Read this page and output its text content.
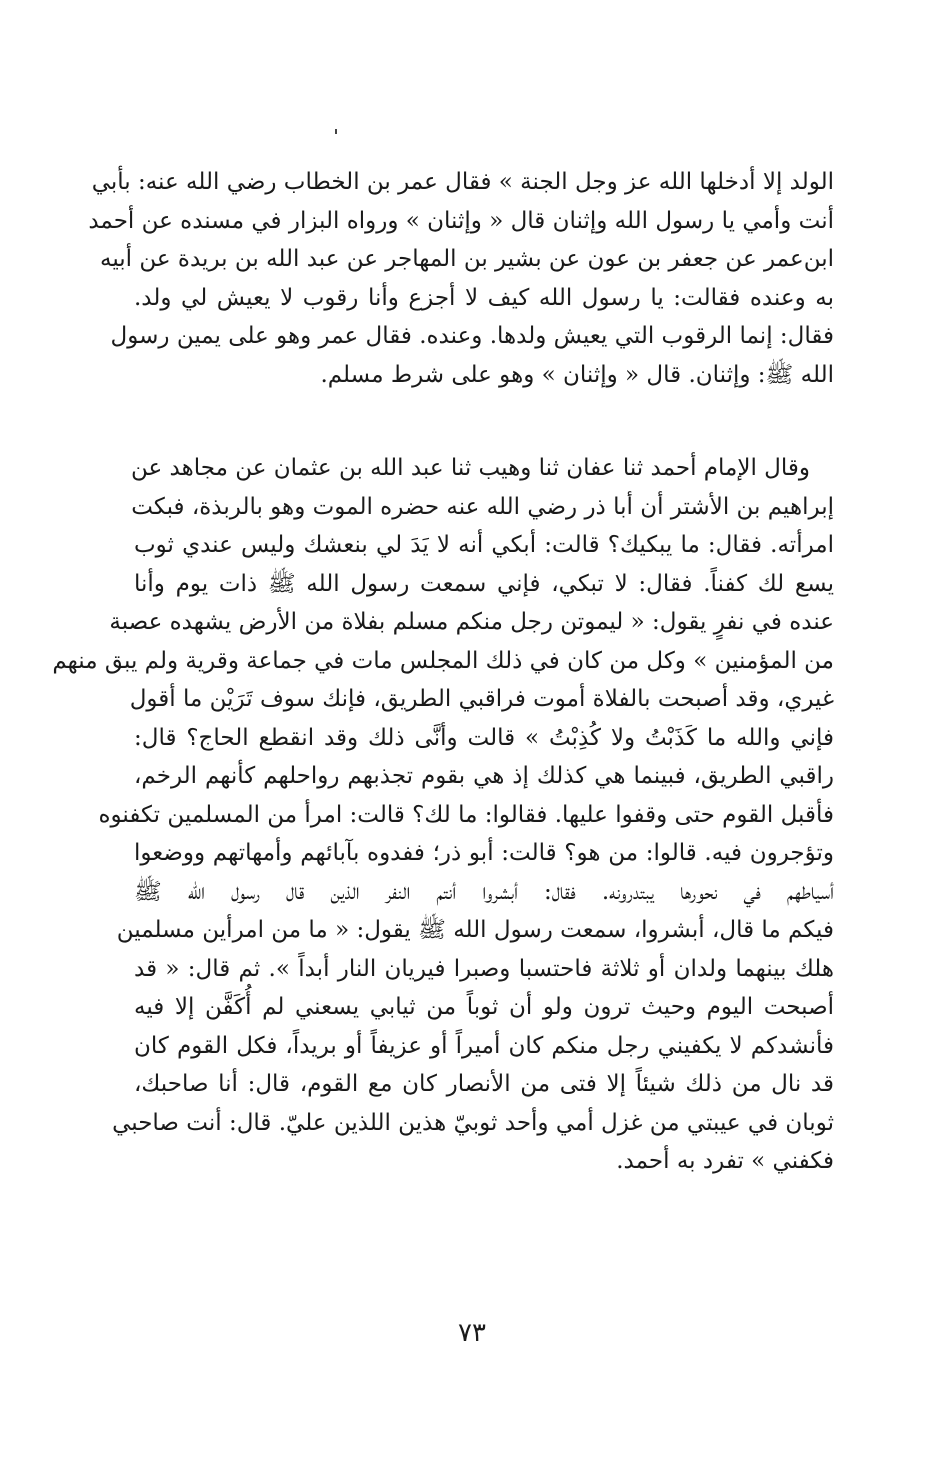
الولد إلا أدخلها الله عز وجل الجنة » فقال عمر بن الخطاب رضي الله عنه: بأبي
أنت وأمي يا رسول الله وإثنان قال « وإثنان » ورواه البزار في مسنده عن أحمد
ابن‌عمر عن جعفر بن عون عن بشير بن المهاجر عن عبد الله بن بريدة عن أبيه
به وعنده فقالت: يا رسول الله كيف لا أجزع وأنا رقوب لا يعيش لي ولد.
فقال: إنما الرقوب التي يعيش ولدها. وعنده. فقال عمر وهو على يمين رسول
الله ﷺ: وإثنان. قال « وإثنان » وهو على شرط مسلم.
وقال الإمام أحمد ثنا عفان ثنا وهيب ثنا عبد الله بن عثمان عن مجاهد عن
إبراهيم بن الأشتر أن أبا ذر رضي الله عنه حضره الموت وهو بالربذة، فبكت
امرأته. فقال: ما يبكيك؟ قالت: أبكي أنه لا يَدَ لي بنعشك وليس عندي ثوب
يسع لك كفناً. فقال: لا تبكي، فإني سمعت رسول الله ﷺ ذات يوم وأنا
عنده في نفرٍ يقول: « ليموتن رجل منكم مسلم بفلاة من الأرض يشهده عصبة
من المؤمنين » وكل من كان في ذلك المجلس مات في جماعة وقرية ولم يبق منهم
غيري، وقد أصبحت بالفلاة أموت فراقبي الطريق، فإنك سوف تَرَيْن ما أقول
فإني والله ما كَذَبْتُ ولا كُذِبْتُ » قالت وأنَّى ذلك وقد انقطع الحاج؟ قال:
راقبي الطريق، فبينما هي كذلك إذ هي بقوم تجذبهم رواحلهم كأنهم الرخم،
فأقبل القوم حتى وقفوا عليها. فقالوا: ما لك؟ قالت: امرأ من المسلمين تكفنوه
وتؤجرون فيه. قالوا: من هو؟ قالت: أبو ذر؛ ففدوه بآبائهم وأمهاتهم ووضعوا
أسياطهم في نحورها يبتدرونه. فقال: أبشروا أنتم النفر الذين قال رسول الله ﷺ
فيكم ما قال، أبشروا، سمعت رسول الله ﷺ يقول: « ما من امرأين مسلمين
هلك بينهما ولدان أو ثلاثة فاحتسبا وصبرا فيريان النار أبداً ». ثم قال: « قد
أصبحت اليوم وحيث ترون ولو أن ثوباً من ثيابي يسعني لم أُكَفَّن إلا فيه
فأنشدكم لا يكفيني رجل منكم كان أميراً أو عزيفاً أو بريداً، فكل القوم كان
قد نال من ذلك شيئاً إلا فتى من الأنصار كان مع القوم، قال: أنا صاحبك،
ثوبان في عيبتي من غزل أمي وأحد ثوبيّ هذين اللذين عليّ. قال: أنت صاحبي
فكفني » تفرد به أحمد.
٧٣
